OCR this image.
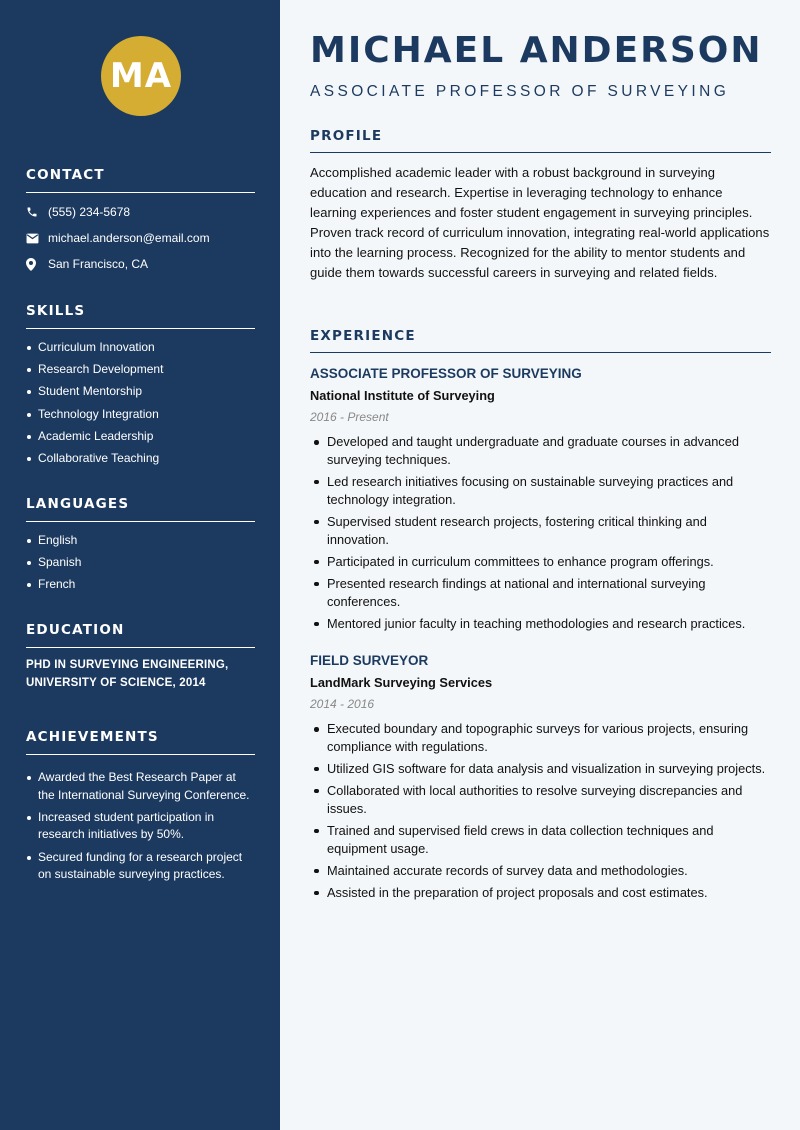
MA
CONTACT
(555) 234-5678
michael.anderson@email.com
San Francisco, CA
SKILLS
Curriculum Innovation
Research Development
Student Mentorship
Technology Integration
Academic Leadership
Collaborative Teaching
LANGUAGES
English
Spanish
French
EDUCATION
PHD IN SURVEYING ENGINEERING,
UNIVERSITY OF SCIENCE, 2014
ACHIEVEMENTS
Awarded the Best Research Paper at the International Surveying Conference.
Increased student participation in research initiatives by 50%.
Secured funding for a research project on sustainable surveying practices.
MICHAEL ANDERSON
ASSOCIATE PROFESSOR OF SURVEYING
PROFILE
Accomplished academic leader with a robust background in surveying education and research. Expertise in leveraging technology to enhance learning experiences and foster student engagement in surveying principles. Proven track record of curriculum innovation, integrating real-world applications into the learning process. Recognized for the ability to mentor students and guide them towards successful careers in surveying and related fields.
EXPERIENCE
ASSOCIATE PROFESSOR OF SURVEYING
National Institute of Surveying
2016 - Present
Developed and taught undergraduate and graduate courses in advanced surveying techniques.
Led research initiatives focusing on sustainable surveying practices and technology integration.
Supervised student research projects, fostering critical thinking and innovation.
Participated in curriculum committees to enhance program offerings.
Presented research findings at national and international surveying conferences.
Mentored junior faculty in teaching methodologies and research practices.
FIELD SURVEYOR
LandMark Surveying Services
2014 - 2016
Executed boundary and topographic surveys for various projects, ensuring compliance with regulations.
Utilized GIS software for data analysis and visualization in surveying projects.
Collaborated with local authorities to resolve surveying discrepancies and issues.
Trained and supervised field crews in data collection techniques and equipment usage.
Maintained accurate records of survey data and methodologies.
Assisted in the preparation of project proposals and cost estimates.
